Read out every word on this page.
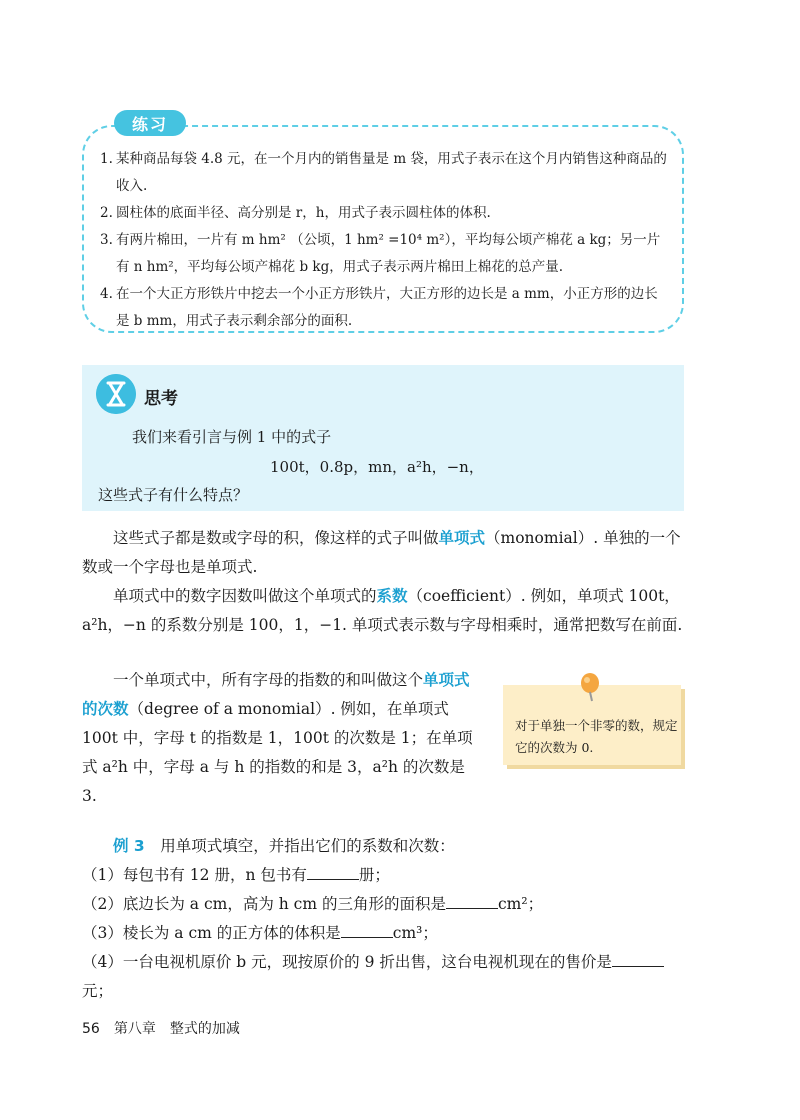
练习
1. 某种商品每袋 4.8 元，在一个月内的销售量是 m 袋，用式子表示在这个月内销售这种商品的收入.
2. 圆柱体的底面半径、高分别是 r，h，用式子表示圆柱体的体积.
3. 有两片棉田，一片有 m hm² （公顷，1 hm² =10⁴ m²），平均每公顷产棉花 a kg；另一片有 n hm²，平均每公顷产棉花 b kg，用式子表示两片棉田上棉花的总产量.
4. 在一个大正方形铁片中挖去一个小正方形铁片，大正方形的边长是 a mm，小正方形的边长是 b mm，用式子表示剩余部分的面积.
思考
我们来看引言与例 1 中的式子
100t，0.8p，mn，a²h，−n，
这些式子有什么特点？
这些式子都是数或字母的积，像这样的式子叫做单项式（monomial）. 单独的一个数或一个字母也是单项式.
单项式中的数字因数叫做这个单项式的系数（coefficient）. 例如，单项式 100t，a²h，−n 的系数分别是 100，1，−1. 单项式表示数与字母相乘时，通常把数写在前面.
一个单项式中，所有字母的指数的和叫做这个单项式的次数（degree of a monomial）. 例如，在单项式 100t 中，字母 t 的指数是 1，100t 的次数是 1；在单项式 a²h 中，字母 a 与 h 的指数的和是 3，a²h 的次数是 3.
对于单独一个非零的数，规定它的次数为 0.
例 3　 用单项式填空，并指出它们的系数和次数：
（1）每包书有 12 册，n 包书有	册；
（2）底边长为 a cm，高为 h cm 的三角形的面积是	cm²；
（3）棱长为 a cm 的正方体的体积是	cm³；
（4）一台电视机原价 b 元，现按原价的 9 折出售，这台电视机现在的售价是元；
56　 第八章　整式的加减
